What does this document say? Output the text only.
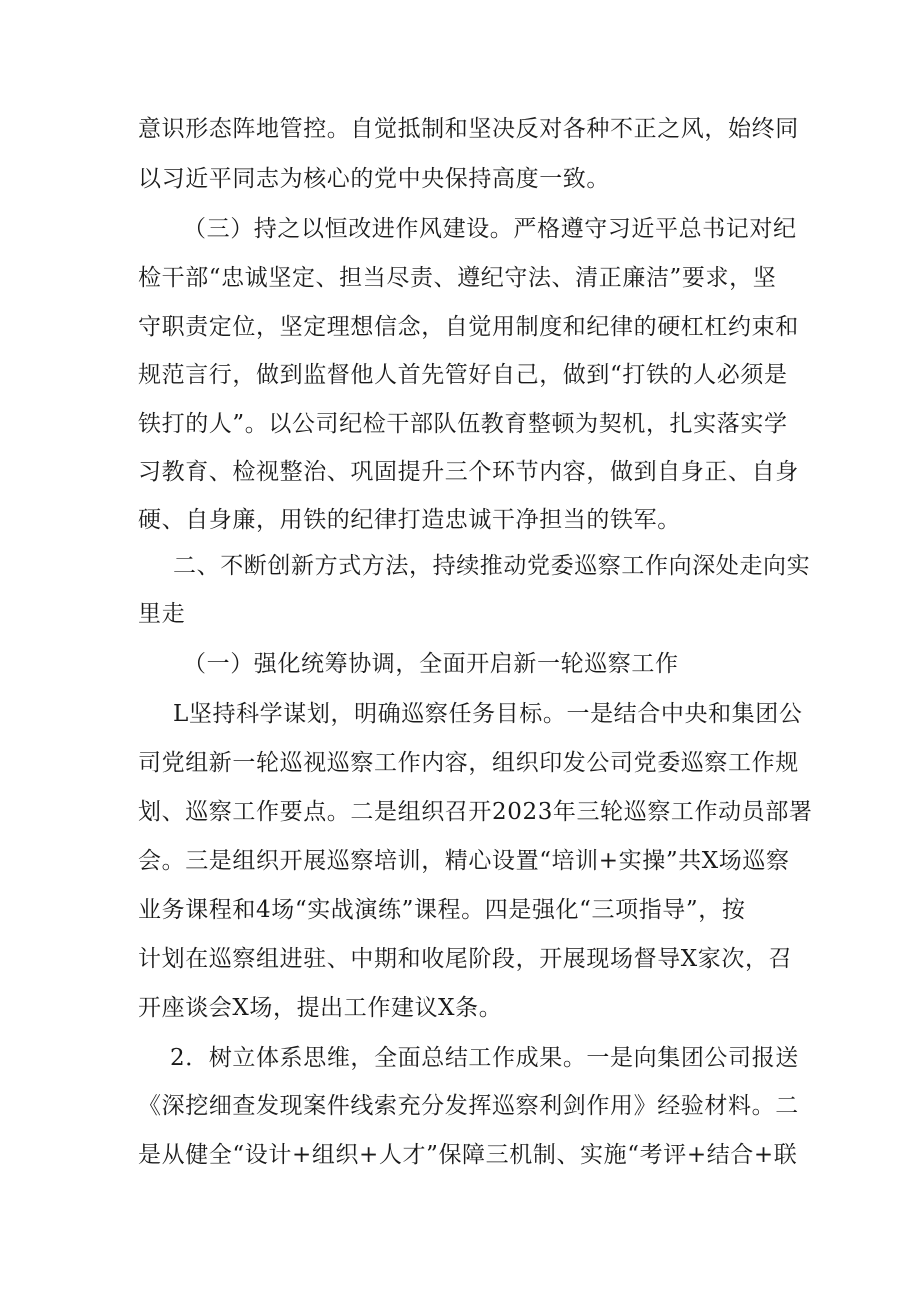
意识形态阵地管控。自觉抵制和坚决反对各种不正之风，始终同
以习近平同志为核心的党中央保持高度一致。
（三）持之以恒改进作风建设。严格遵守习近平总书记对纪
检干部“忠诚坚定、担当尽责、遵纪守法、清正廉洁”要求，坚
守职责定位，坚定理想信念，自觉用制度和纪律的硬杠杠约束和
规范言行，做到监督他人首先管好自己，做到“打铁的人必须是
铁打的人”。以公司纪检干部队伍教育整顿为契机，扎实落实学
习教育、检视整治、巩固提升三个环节内容，做到自身正、自身
硬、自身廉，用铁的纪律打造忠诚干净担当的铁军。
二、不断创新方式方法，持续推动党委巡察工作向深处走向实
里走
（一）强化统筹协调，全面开启新一轮巡察工作
L坚持科学谋划，明确巡察任务目标。一是结合中央和集团公
司党组新一轮巡视巡察工作内容，组织印发公司党委巡察工作规
划、巡察工作要点。二是组织召开2023年三轮巡察工作动员部署
会。三是组织开展巡察培训，精心设置“培训+实操”共X场巡察
业务课程和4场“实战演练”课程。四是强化“三项指导”，按
计划在巡察组进驻、中期和收尾阶段，开展现场督导X家次，召
开座谈会X场，提出工作建议X条。
2．树立体系思维，全面总结工作成果。一是向集团公司报送
《深挖细查发现案件线索充分发挥巡察利剑作用》经验材料。二
是从健全“设计+组织+人才”保障三机制、实施“考评+结合+联
